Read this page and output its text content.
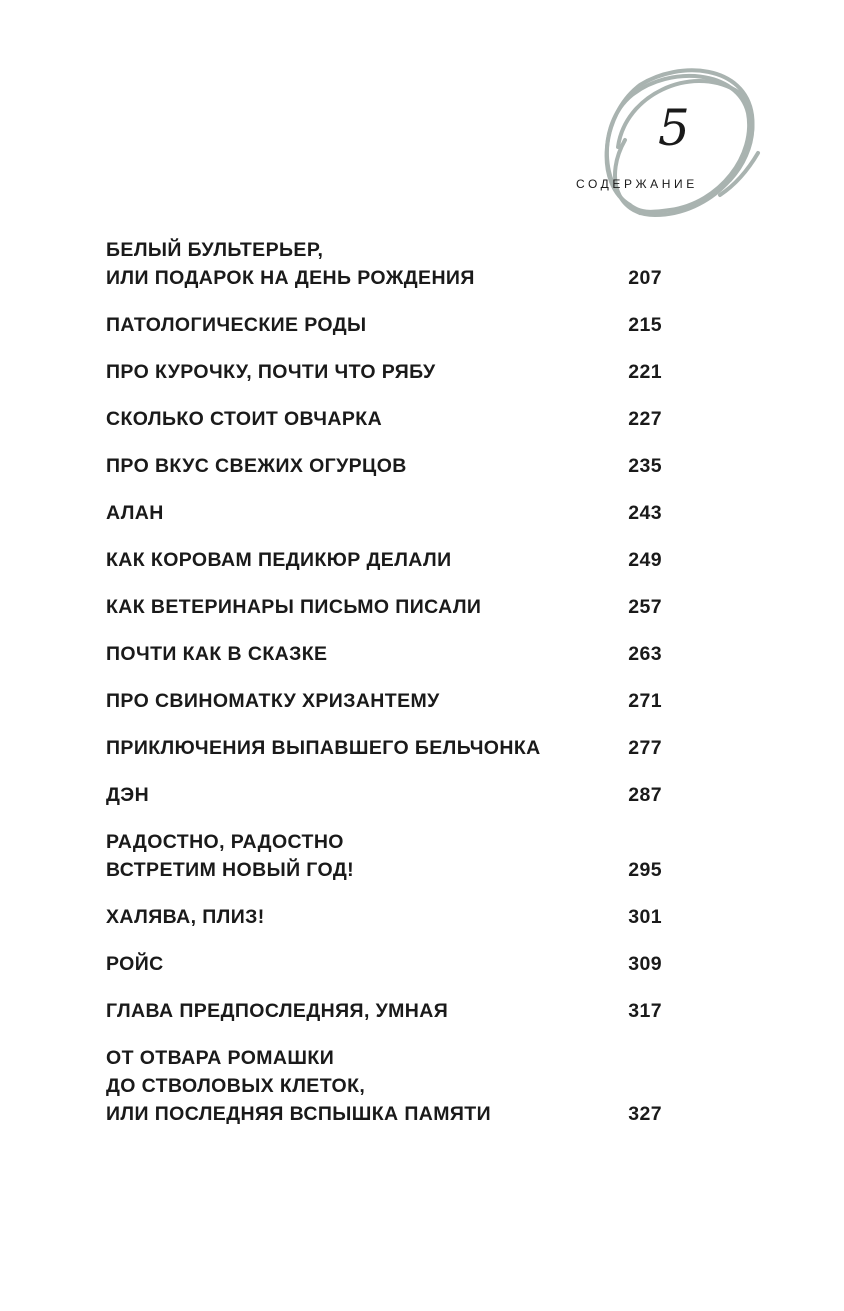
5
СОДЕРЖАНИЕ
БЕЛЫЙ БУЛЬТЕРЬЕР,
ИЛИ ПОДАРОК НА ДЕНЬ РОЖДЕНИЯ	207
ПАТОЛОГИЧЕСКИЕ РОДЫ	215
ПРО КУРОЧКУ, ПОЧТИ ЧТО РЯБУ	221
СКОЛЬКО СТОИТ ОВЧАРКА	227
ПРО ВКУС СВЕЖИХ ОГУРЦОВ	235
АЛАН	243
КАК КОРОВАМ ПЕДИКЮР ДЕЛАЛИ	249
КАК ВЕТЕРИНАРЫ ПИСЬМО ПИСАЛИ	257
ПОЧТИ КАК В СКАЗКЕ	263
ПРО СВИНОМАТКУ ХРИЗАНТЕМУ	271
ПРИКЛЮЧЕНИЯ ВЫПАВШЕГО БЕЛЬЧОНКА	277
ДЭН	287
РАДОСТНО, РАДОСТНО
ВСТРЕТИМ НОВЫЙ ГОД!	295
ХАЛЯВА, ПЛИЗ!	301
РОЙС	309
ГЛАВА ПРЕДПОСЛЕДНЯЯ, УМНАЯ	317
ОТ ОТВАРА РОМАШКИ
ДО СТВОЛОВЫХ КЛЕТОК,
ИЛИ ПОСЛЕДНЯЯ ВСПЫШКА ПАМЯТИ	327
